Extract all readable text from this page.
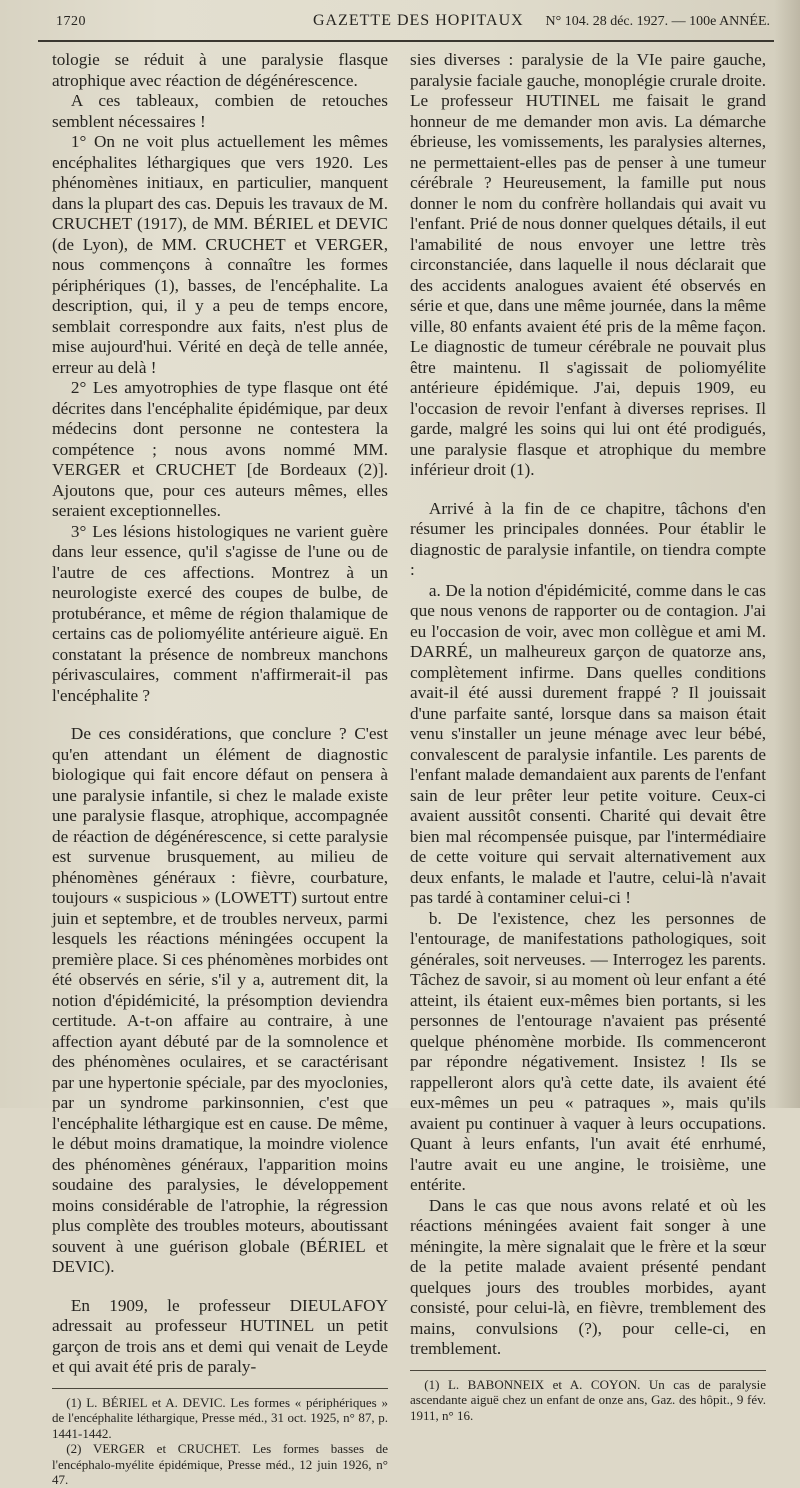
1720	GAZETTE DES HOPITAUX N° 104. 28 déc. 1927. — 100e ANNÉE.

tologie se réduit à une paralysie flasque atrophique avec réaction de dégénérescence.

A ces tableaux, combien de retouches semblent nécessaires !

1° On ne voit plus actuellement les mêmes encéphalites léthargiques que vers 1920. Les phénomènes initiaux, en particulier, manquent dans la plupart des cas. Depuis les travaux de M. CRUCHET (1917), de MM. BÉRIEL et DEVIC (de Lyon), de MM. CRUCHET et VERGER, nous commençons à connaître les formes périphériques (1), basses, de l'encéphalite. La description, qui, il y a peu de temps encore, semblait correspondre aux faits, n'est plus de mise aujourd'hui. Vérité en deçà de telle année, erreur au delà !

2° Les amyotrophies de type flasque ont été décrites dans l'encéphalite épidémique, par deux médecins dont personne ne contestera la compétence ; nous avons nommé MM. VERGER et CRUCHET [de Bordeaux (2)]. Ajoutons que, pour ces auteurs mêmes, elles seraient exceptionnelles.

3° Les lésions histologiques ne varient guère dans leur essence, qu'il s'agisse de l'une ou de l'autre de ces affections. Montrez à un neurologiste exercé des coupes de bulbe, de protubérance, et même de région thalamique de certains cas de poliomyélite antérieure aiguë. En constatant la présence de nombreux manchons périvasculaires, comment n'affirmerait-il pas l'encéphalite ?

De ces considérations, que conclure ? C'est qu'en attendant un élément de diagnostic biologique qui fait encore défaut on pensera à une paralysie infantile, si chez le malade existe une paralysie flasque, atrophique, accompagnée de réaction de dégénérescence, si cette paralysie est survenue brusquement, au milieu de phénomènes généraux : fièvre, courbature, toujours « suspicious » (LOWETT) surtout entre juin et septembre, et de troubles nerveux, parmi lesquels les réactions méningées occupent la première place. Si ces phénomènes morbides ont été observés en série, s'il y a, autrement dit, la notion d'épidémicité, la présomption deviendra certitude. A-t-on affaire au contraire, à une affection ayant débuté par de la somnolence et des phénomènes oculaires, et se caractérisant par une hypertonie spéciale, par des myoclonies, par un syndrome parkinsonnien, c'est que l'encéphalite léthargique est en cause. De même, le début moins dramatique, la moindre violence des phénomènes généraux, l'apparition moins soudaine des paralysies, le développement moins considérable de l'atrophie, la régression plus complète des troubles moteurs, aboutissant souvent à une guérison globale (BÉRIEL et DEVIC).

En 1909, le professeur DIEULAFOY adressait au professeur HUTINEL un petit garçon de trois ans et demi qui venait de Leyde et qui avait été pris de paraly-

(1) L. BÉRIEL et A. DEVIC. Les formes « périphériques » de l'encéphalite léthargique, Presse méd., 31 oct. 1925, n° 87, p. 1441-1442.

(2) VERGER et CRUCHET. Les formes basses de l'encéphalo-myélite épidémique, Presse méd., 12 juin 1926, n° 47.

sies diverses : paralysie de la VIe paire gauche, paralysie faciale gauche, monoplégie crurale droite. Le professeur HUTINEL me faisait le grand honneur de me demander mon avis. La démarche ébrieuse, les vomissements, les paralysies alternes, ne permettaient-elles pas de penser à une tumeur cérébrale ? Heureusement, la famille put nous donner le nom du confrère hollandais qui avait vu l'enfant. Prié de nous donner quelques détails, il eut l'amabilité de nous envoyer une lettre très circonstanciée, dans laquelle il nous déclarait que des accidents analogues avaient été observés en série et que, dans une même journée, dans la même ville, 80 enfants avaient été pris de la même façon. Le diagnostic de tumeur cérébrale ne pouvait plus être maintenu. Il s'agissait de poliomyélite antérieure épidémique. J'ai, depuis 1909, eu l'occasion de revoir l'enfant à diverses reprises. Il garde, malgré les soins qui lui ont été prodigués, une paralysie flasque et atrophique du membre inférieur droit (1).

Arrivé à la fin de ce chapitre, tâchons d'en résumer les principales données. Pour établir le diagnostic de paralysie infantile, on tiendra compte :

a. De la notion d'épidémicité, comme dans le cas que nous venons de rapporter ou de contagion. J'ai eu l'occasion de voir, avec mon collègue et ami M. DARRÉ, un malheureux garçon de quatorze ans, complètement infirme. Dans quelles conditions avait-il été aussi durement frappé ? Il jouissait d'une parfaite santé, lorsque dans sa maison était venu s'installer un jeune ménage avec leur bébé, convalescent de paralysie infantile. Les parents de l'enfant malade demandaient aux parents de l'enfant sain de leur prêter leur petite voiture. Ceux-ci avaient aussitôt consenti. Charité qui devait être bien mal récompensée puisque, par l'intermédiaire de cette voiture qui servait alternativement aux deux enfants, le malade et l'autre, celui-là n'avait pas tardé à contaminer celui-ci !

b. De l'existence, chez les personnes de l'entourage, de manifestations pathologiques, soit générales, soit nerveuses. — Interrogez les parents. Tâchez de savoir, si au moment où leur enfant a été atteint, ils étaient eux-mêmes bien portants, si les personnes de l'entourage n'avaient pas présenté quelque phénomène morbide. Ils commenceront par répondre négativement. Insistez ! Ils se rappelleront alors qu'à cette date, ils avaient été eux-mêmes un peu « patraques », mais qu'ils avaient pu continuer à vaquer à leurs occupations. Quant à leurs enfants, l'un avait été enrhumé, l'autre avait eu une angine, le troisième, une entérite.

Dans le cas que nous avons relaté et où les réactions méningées avaient fait songer à une méningite, la mère signalait que le frère et la sœur de la petite malade avaient présenté pendant quelques jours des troubles morbides, ayant consisté, pour celui-là, en fièvre, tremblement des mains, convulsions (?), pour celle-ci, en tremblement.

(1) L. BABONNEIX et A. COYON. Un cas de paralysie ascendante aiguë chez un enfant de onze ans, Gaz. des hôpit., 9 fév. 1911, n° 16.
